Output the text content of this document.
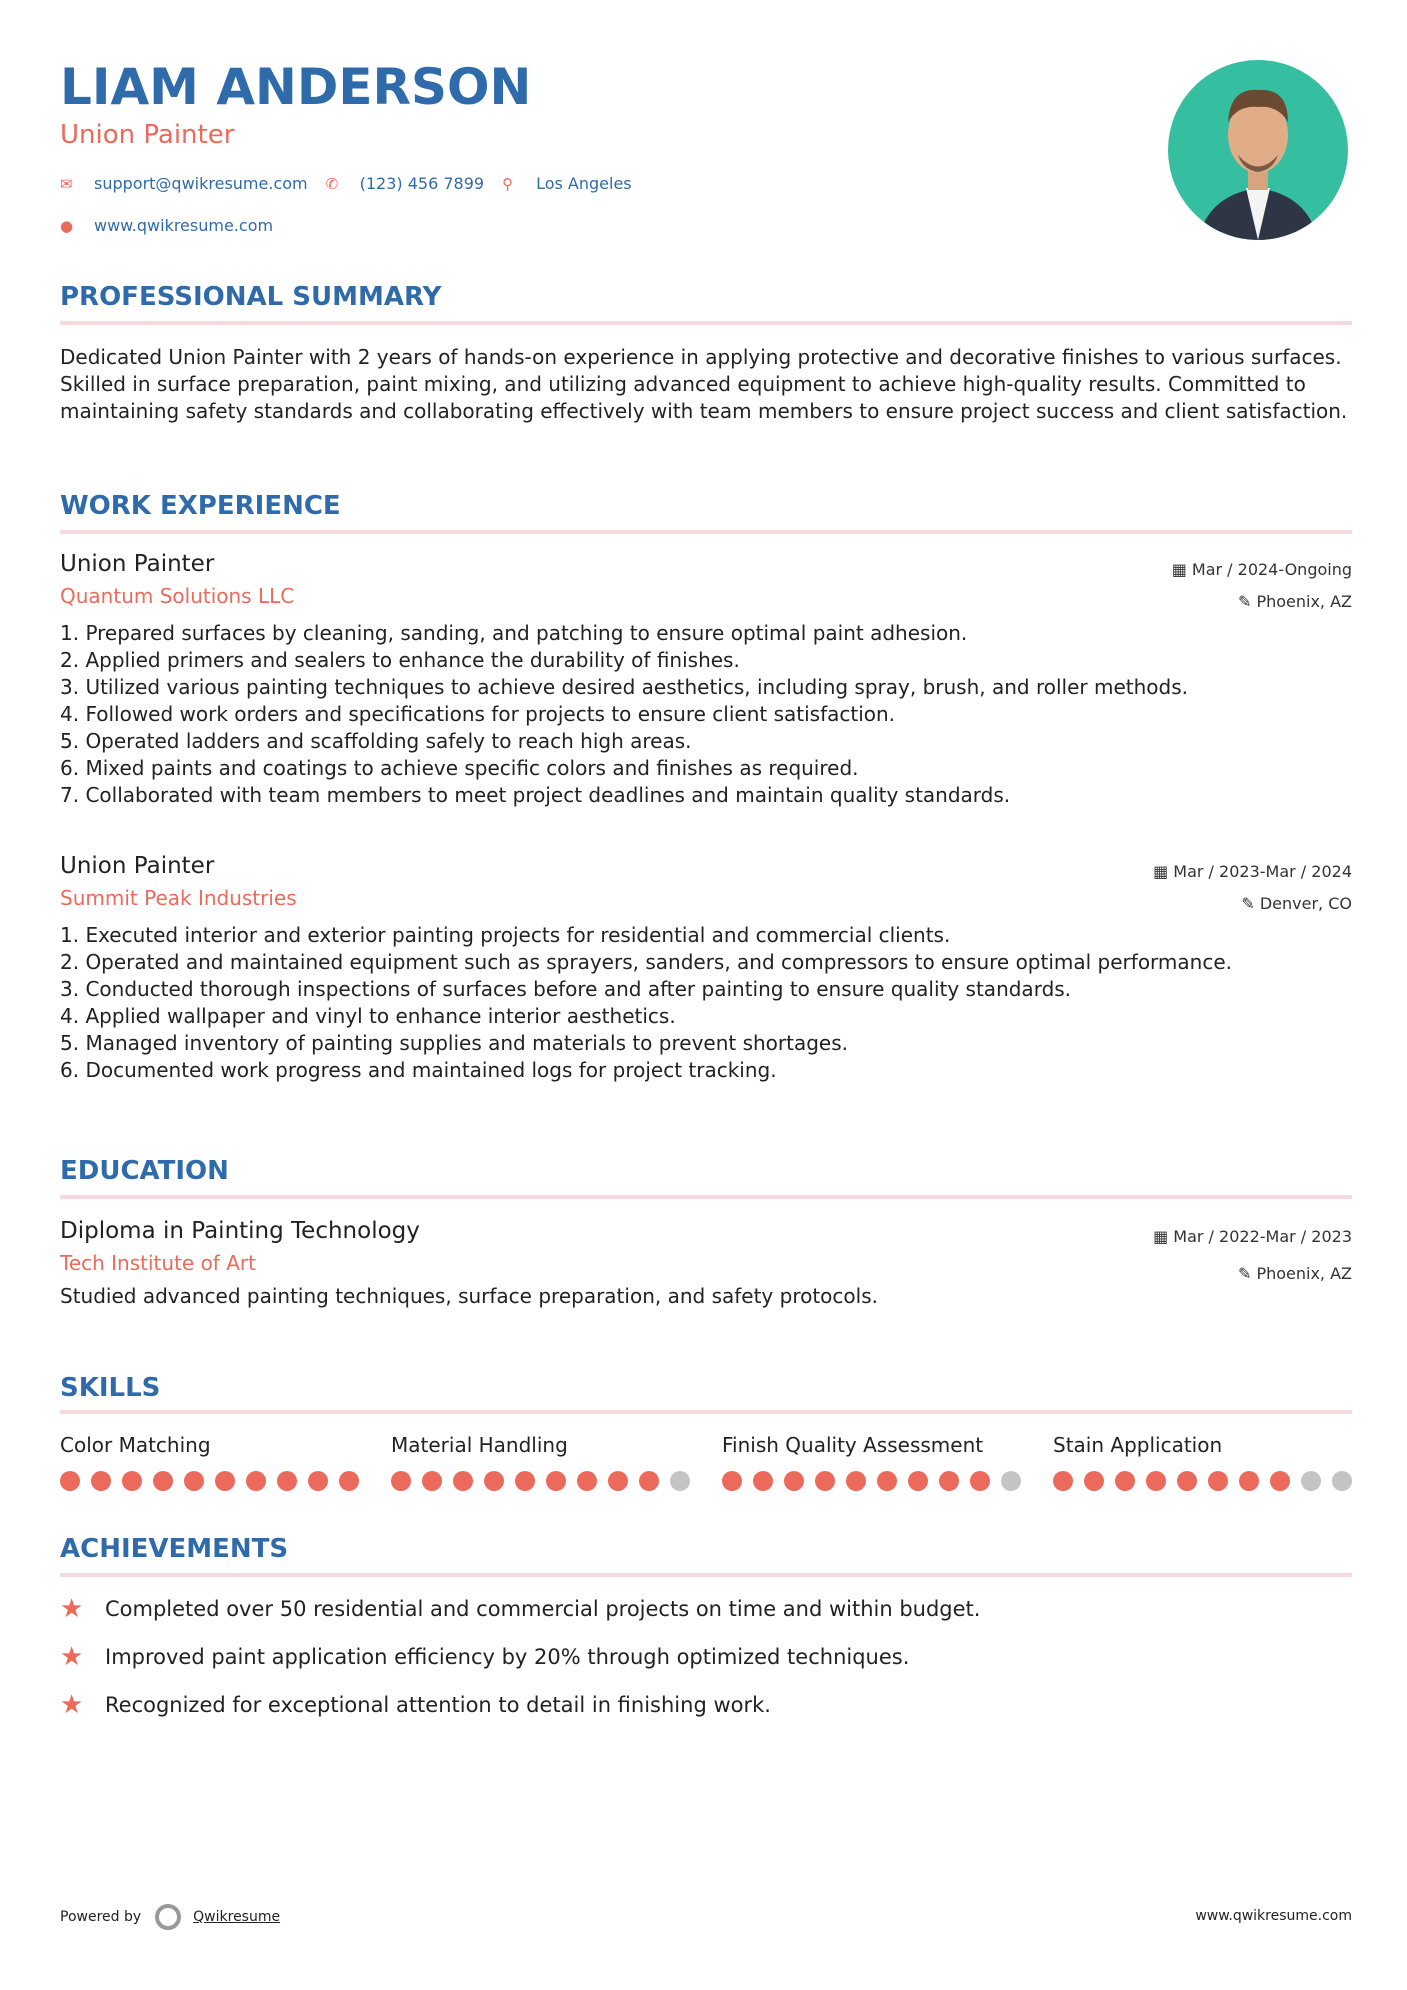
LIAM ANDERSON
Union Painter
✉	support@qwikresume.com ✆	(123) 456 7899 ⚲	Los Angeles
●	www.qwikresume.com
PROFESSIONAL SUMMARY
Dedicated Union Painter with 2 years of hands-on experience in applying protective and decorative finishes to various surfaces. Skilled in surface preparation, paint mixing, and utilizing advanced equipment to achieve high-quality results. Committed to maintaining safety standards and collaborating effectively with team members to ensure project success and client satisfaction.
WORK EXPERIENCE
Union Painter
Quantum Solutions LLC
▦ Mar / 2024-Ongoing
✎ Phoenix, AZ
1. Prepared surfaces by cleaning, sanding, and patching to ensure optimal paint adhesion.
2. Applied primers and sealers to enhance the durability of finishes.
3. Utilized various painting techniques to achieve desired aesthetics, including spray, brush, and roller methods.
4. Followed work orders and specifications for projects to ensure client satisfaction.
5. Operated ladders and scaffolding safely to reach high areas.
6. Mixed paints and coatings to achieve specific colors and finishes as required.
7. Collaborated with team members to meet project deadlines and maintain quality standards.
Union Painter
Summit Peak Industries
▦ Mar / 2023-Mar / 2024
✎ Denver, CO
1. Executed interior and exterior painting projects for residential and commercial clients.
2. Operated and maintained equipment such as sprayers, sanders, and compressors to ensure optimal performance.
3. Conducted thorough inspections of surfaces before and after painting to ensure quality standards.
4. Applied wallpaper and vinyl to enhance interior aesthetics.
5. Managed inventory of painting supplies and materials to prevent shortages.
6. Documented work progress and maintained logs for project tracking.
EDUCATION
Diploma in Painting Technology
Tech Institute of Art
▦ Mar / 2022-Mar / 2023
✎ Phoenix, AZ
Studied advanced painting techniques, surface preparation, and safety protocols.
SKILLS
Color Matching	Material Handling	Finish Quality Assessment	Stain Application
ACHIEVEMENTS
★	Completed over 50 residential and commercial projects on time and within budget.
★	Improved paint application efficiency by 20% through optimized techniques.
★	Recognized for exceptional attention to detail in finishing work.
Powered by	Qwikresume	www.qwikresume.com
